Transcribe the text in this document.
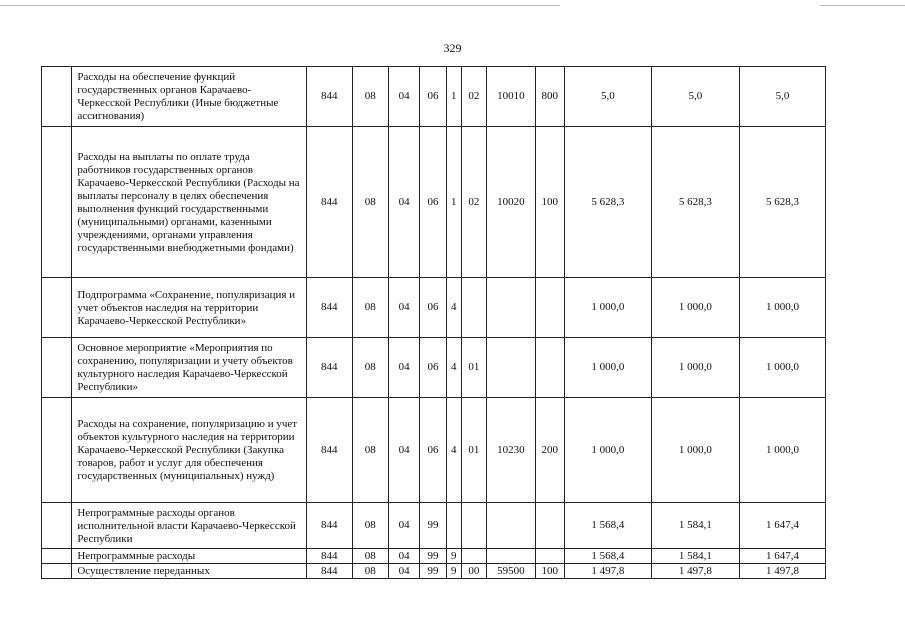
329
	Расходы на обеспечение функций государственных органов Карачаево-Черкесской Республики (Иные бюджетные ассигнования)	844	08	04	06	1	02	10010	800	5,0	5,0	5,0
	Расходы на выплаты по оплате труда работников государственных органов Карачаево-Черкесской Республики (Расходы на выплаты персоналу в целях обеспечения выполнения функций государственными (муниципальными) органами, казенными учреждениями, органами управления государственными внебюджетными фондами)	844	08	04	06	1	02	10020	100	5 628,3	5 628,3	5 628,3
	Подпрограмма «Сохранение, популяризация и учет объектов наследия на территории Карачаево-Черкесской Республики»	844	08	04	06	4				1 000,0	1 000,0	1 000,0
	Основное мероприятие «Мероприятия по сохранению, популяризации и учету объектов культурного наследия Карачаево-Черкесской Республики»	844	08	04	06	4	01			1 000,0	1 000,0	1 000,0
	Расходы на сохранение, популяризацию и учет объектов культурного наследия на территории Карачаево-Черкесской Республики (Закупка товаров, работ и услуг для обеспечения государственных (муниципальных) нужд)	844	08	04	06	4	01	10230	200	1 000,0	1 000,0	1 000,0
	Непрограммные расходы органов исполнительной власти Карачаево-Черкесской Республики	844	08	04	99					1 568,4	1 584,1	1 647,4
	Непрограммные расходы	844	08	04	99	9				1 568,4	1 584,1	1 647,4
	Осуществление переданных	844	08	04	99	9	00	59500	100	1 497,8	1 497,8	1 497,8
